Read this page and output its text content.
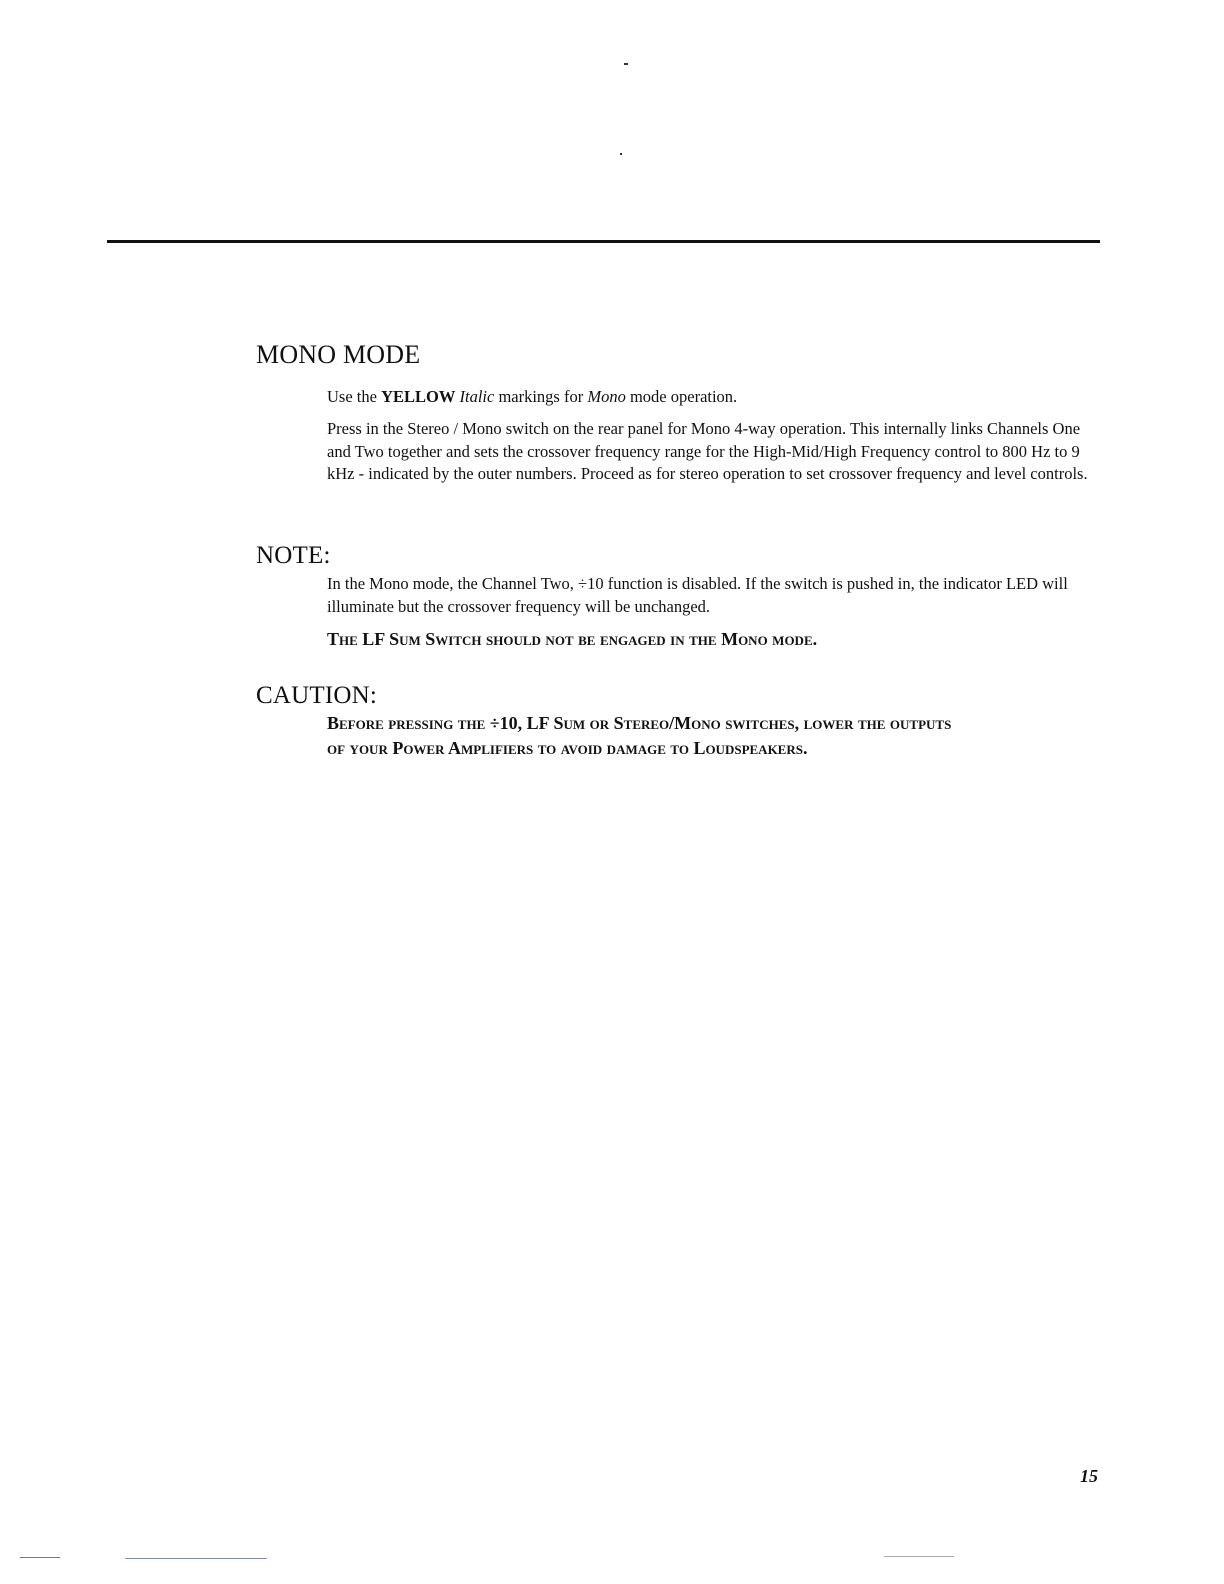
MONO MODE

Use the YELLOW Italic markings for Mono mode operation.

Press in the Stereo / Mono switch on the rear panel for Mono 4-way operation. This internally links Channels One and Two together and sets the crossover frequency range for the High-Mid/High Frequency control to 800 Hz to 9 kHz - indicated by the outer numbers. Proceed as for stereo operation to set crossover frequency and level controls.

NOTE:

In the Mono mode, the Channel Two, ÷10 function is disabled. If the switch is pushed in, the indicator LED will illuminate but the crossover frequency will be unchanged.

The LF Sum Switch should not be engaged in the Mono mode.

CAUTION:

Before pressing the ÷10, LF Sum or Stereo/Mono switches, lower the outputs

of your Power Amplifiers to avoid damage to Loudspeakers.

15
